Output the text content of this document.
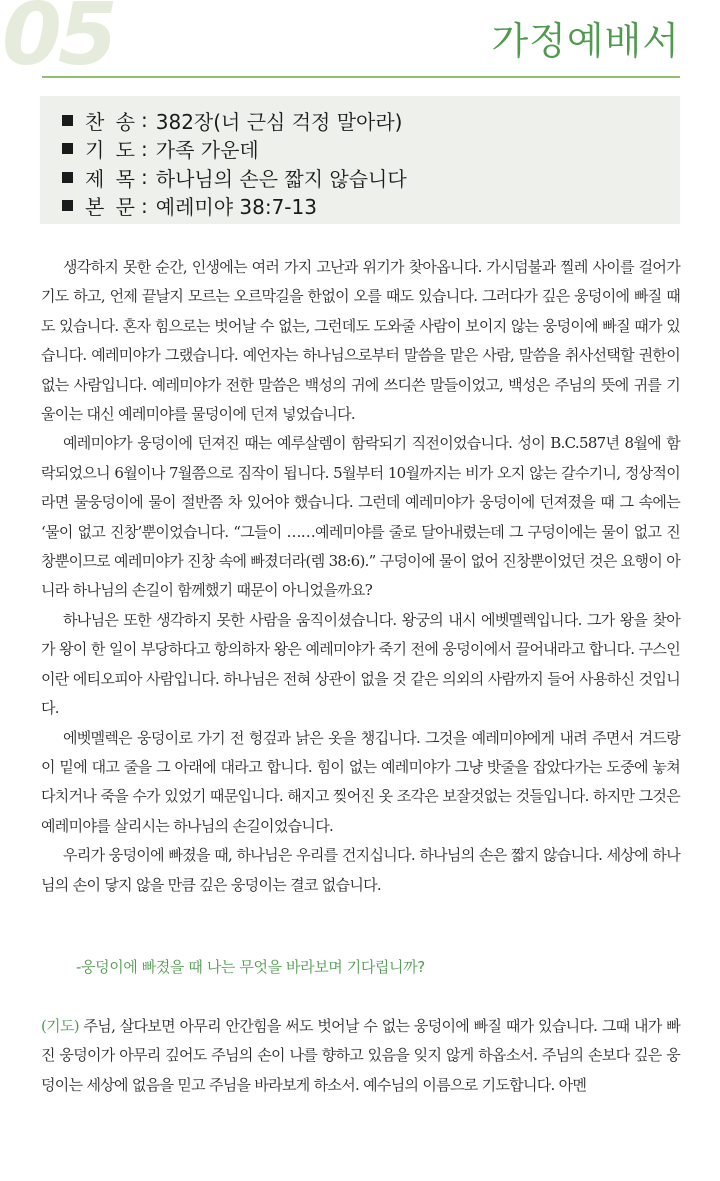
05	가정예배서
찬 송 : 382장(너 근심 걱정 말아라)
기 도 : 가족 가운데
제 목 : 하나님의 손은 짧지 않습니다
본 문 : 예레미야 38:7-13

생각하지 못한 순간, 인생에는 여러 가지 고난과 위기가 찾아옵니다. 가시덤불과 찔레 사이를 걸어가기도 하고, 언제 끝날지 모르는 오르막길을 한없이 오를 때도 있습니다. 그러다가 깊은 웅덩이에 빠질 때도 있습니다. 혼자 힘으로는 벗어날 수 없는, 그런데도 도와줄 사람이 보이지 않는 웅덩이에 빠질 때가 있습니다. 예레미야가 그랬습니다. 예언자는 하나님으로부터 말씀을 맡은 사람, 말씀을 취사선택할 권한이 없는 사람입니다. 예레미야가 전한 말씀은 백성의 귀에 쓰디쓴 말들이었고, 백성은 주님의 뜻에 귀를 기울이는 대신 예레미야를 물덩이에 던져 넣었습니다.

예레미야가 웅덩이에 던져진 때는 예루살렘이 함락되기 직전이었습니다. 성이 B.C.587년 8월에 함락되었으니 6월이나 7월쯤으로 짐작이 됩니다. 5월부터 10월까지는 비가 오지 않는 갈수기니, 정상적이라면 물웅덩이에 물이 절반쯤 차 있어야 했습니다. 그런데 예레미야가 웅덩이에 던져졌을 때 그 속에는 ‘물이 없고 진창’뿐이었습니다. “그들이 ……예레미야를 줄로 달아내렸는데 그 구덩이에는 물이 없고 진창뿐이므로 예레미야가 진창 속에 빠졌더라(렘 38:6).” 구덩이에 물이 없어 진창뿐이었던 것은 요행이 아니라 하나님의 손길이 함께했기 때문이 아니었을까요?

하나님은 또한 생각하지 못한 사람을 움직이셨습니다. 왕궁의 내시 에벳멜렉입니다. 그가 왕을 찾아가 왕이 한 일이 부당하다고 항의하자 왕은 예레미야가 죽기 전에 웅덩이에서 끌어내라고 합니다. 구스인이란 에티오피아 사람입니다. 하나님은 전혀 상관이 없을 것 같은 의외의 사람까지 들어 사용하신 것입니다.

에벳멜렉은 웅덩이로 가기 전 헝겊과 낡은 옷을 챙깁니다. 그것을 예레미야에게 내려 주면서 겨드랑이 밑에 대고 줄을 그 아래에 대라고 합니다. 힘이 없는 예레미야가 그냥 밧줄을 잡았다가는 도중에 놓쳐 다치거나 죽을 수가 있었기 때문입니다. 해지고 찢어진 옷 조각은 보잘것없는 것들입니다. 하지만 그것은 예레미야를 살리시는 하나님의 손길이었습니다.

우리가 웅덩이에 빠졌을 때, 하나님은 우리를 건지십니다. 하나님의 손은 짧지 않습니다. 세상에 하나님의 손이 닿지 않을 만큼 깊은 웅덩이는 결코 없습니다.

-웅덩이에 빠졌을 때 나는 무엇을 바라보며 기다립니까?
(기도) 주님, 살다보면 아무리 안간힘을 써도 벗어날 수 없는 웅덩이에 빠질 때가 있습니다. 그때 내가 빠진 웅덩이가 아무리 깊어도 주님의 손이 나를 향하고 있음을 잊지 않게 하옵소서. 주님의 손보다 깊은 웅덩이는 세상에 없음을 믿고 주님을 바라보게 하소서. 예수님의 이름으로 기도합니다. 아멘
